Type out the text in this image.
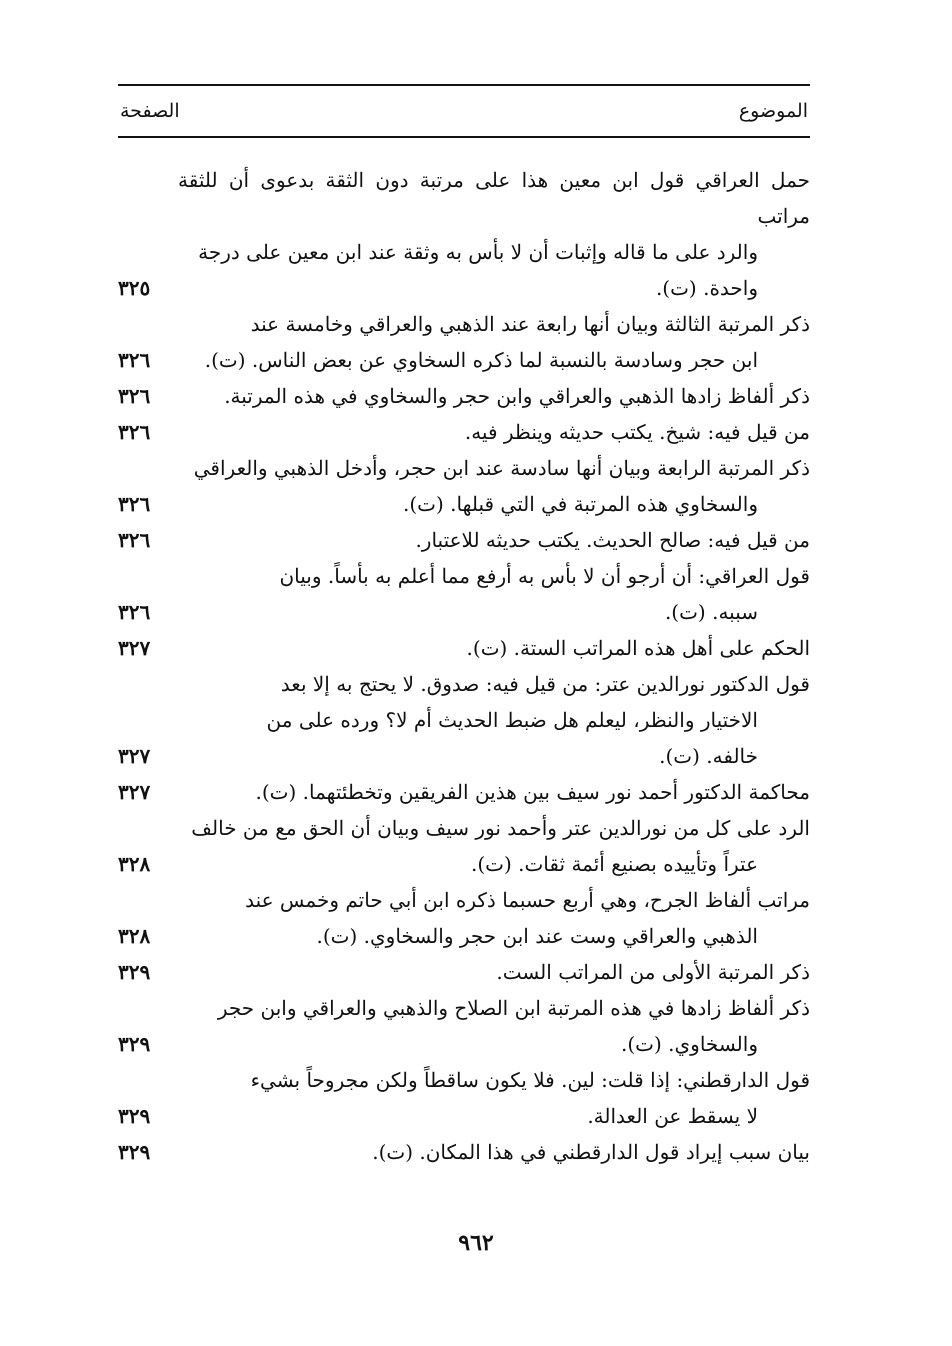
الموضوع
الصفحة
حمل العراقي قول ابن معين هذا على مرتبة دون الثقة بدعوى أن للثقة مراتب
والرد على ما قاله وإثبات أن لا بأس به وثقة عند ابن معين على درجة
واحدة. (ت).
٣٢٥
ذكر المرتبة الثالثة وبيان أنها رابعة عند الذهبي والعراقي وخامسة عند
ابن حجر وسادسة بالنسبة لما ذكره السخاوي عن بعض الناس. (ت).
٣٢٦
ذكر ألفاظ زادها الذهبي والعراقي وابن حجر والسخاوي في هذه المرتبة.
٣٢٦
من قيل فيه: شيخ. يكتب حديثه وينظر فيه.
٣٢٦
ذكر المرتبة الرابعة وبيان أنها سادسة عند ابن حجر، وأدخل الذهبي والعراقي
والسخاوي هذه المرتبة في التي قبلها. (ت).
٣٢٦
من قيل فيه: صالح الحديث. يكتب حديثه للاعتبار.
٣٢٦
قول العراقي: أن أرجو أن لا بأس به أرفع مما أعلم به بأساً. وبيان
سببه. (ت).
٣٢٦
الحكم على أهل هذه المراتب الستة. (ت).
٣٢٧
قول الدكتور نورالدين عتر: من قيل فيه: صدوق. لا يحتج به إلا بعد
الاختيار والنظر، ليعلم هل ضبط الحديث أم لا؟ ورده على من
خالفه. (ت).
٣٢٧
محاكمة الدكتور أحمد نور سيف بين هذين الفريقين وتخطئتهما. (ت).
٣٢٧
الرد على كل من نورالدين عتر وأحمد نور سيف وبيان أن الحق مع من خالف
عتراً وتأييده بصنيع أئمة ثقات. (ت).
٣٢٨
مراتب ألفاظ الجرح، وهي أربع حسبما ذكره ابن أبي حاتم وخمس عند
الذهبي والعراقي وست عند ابن حجر والسخاوي. (ت).
٣٢٨
ذكر المرتبة الأولى من المراتب الست.
٣٢٩
ذكر ألفاظ زادها في هذه المرتبة ابن الصلاح والذهبي والعراقي وابن حجر
والسخاوي. (ت).
٣٢٩
قول الدارقطني: إذا قلت: لين. فلا يكون ساقطاً ولكن مجروحاً بشيء
لا يسقط عن العدالة.
٣٢٩
بيان سبب إيراد قول الدارقطني في هذا المكان. (ت).
٣٢٩
٩٦٢
